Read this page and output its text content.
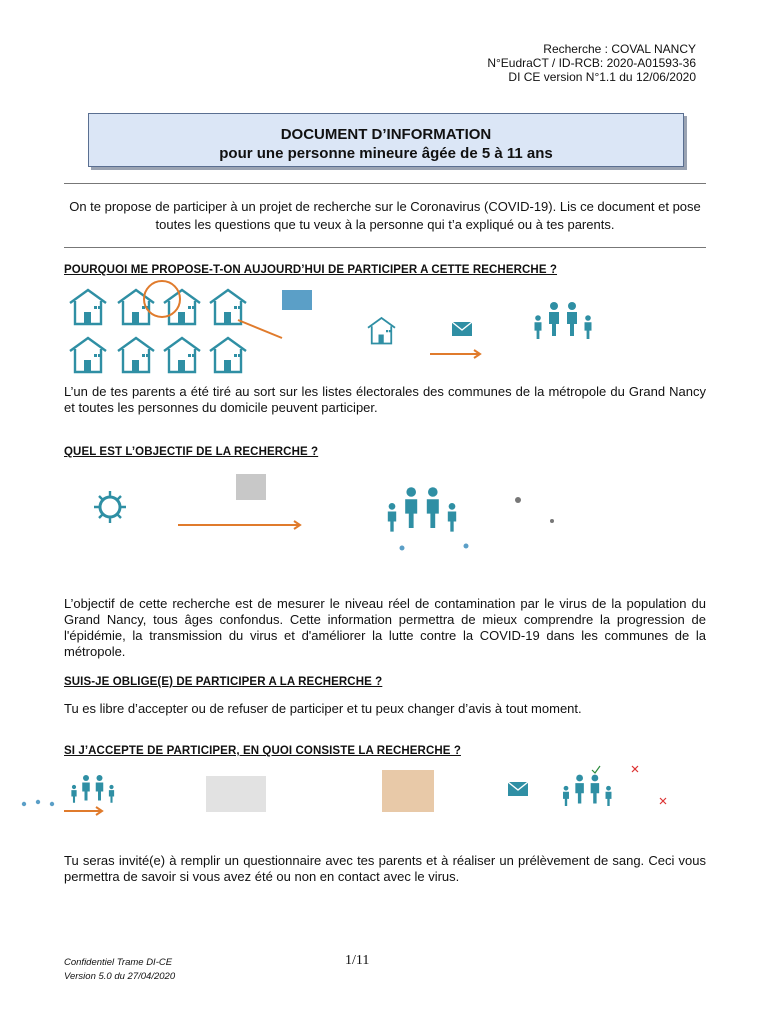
Recherche : COVAL NANCY
N°EudraCT / ID-RCB: 2020-A01593-36
DI CE version N°1.1 du 12/06/2020
DOCUMENT D’INFORMATION
pour une personne mineure âgée de 5 à 11 ans
On te propose de participer à un projet de recherche sur le Coronavirus (COVID-19). Lis ce document et pose toutes les questions que tu veux à la personne qui t’a expliqué ou à tes parents.
POURQUOI ME PROPOSE-T-ON AUJOURD’HUI DE PARTICIPER A CETTE RECHERCHE ?
L’un de tes parents a été tiré au sort sur les listes électorales des communes de la métropole du Grand Nancy et toutes les personnes du domicile peuvent participer.
QUEL EST L’OBJECTIF DE LA RECHERCHE ?
L’objectif de cette recherche est de mesurer le niveau réel de contamination par le virus de la population du Grand Nancy, tous âges confondus. Cette information permettra de mieux comprendre la progression de l'épidémie, la transmission du virus et d'améliorer la lutte contre la COVID-19 dans les communes de la métropole.
SUIS-JE OBLIGE(E) DE PARTICIPER A LA RECHERCHE ?
Tu es libre d’accepter ou de refuser de participer et tu peux changer d’avis à tout moment.
SI J’ACCEPTE DE PARTICIPER, EN QUOI CONSISTE LA RECHERCHE ?
Tu seras invité(e) à remplir un questionnaire avec tes parents et à réaliser un prélèvement de sang. Ceci vous permettra de savoir si vous avez été ou non en contact avec le virus.
Confidentiel Trame DI-CE
Version 5.0 du 27/04/2020
1/11
